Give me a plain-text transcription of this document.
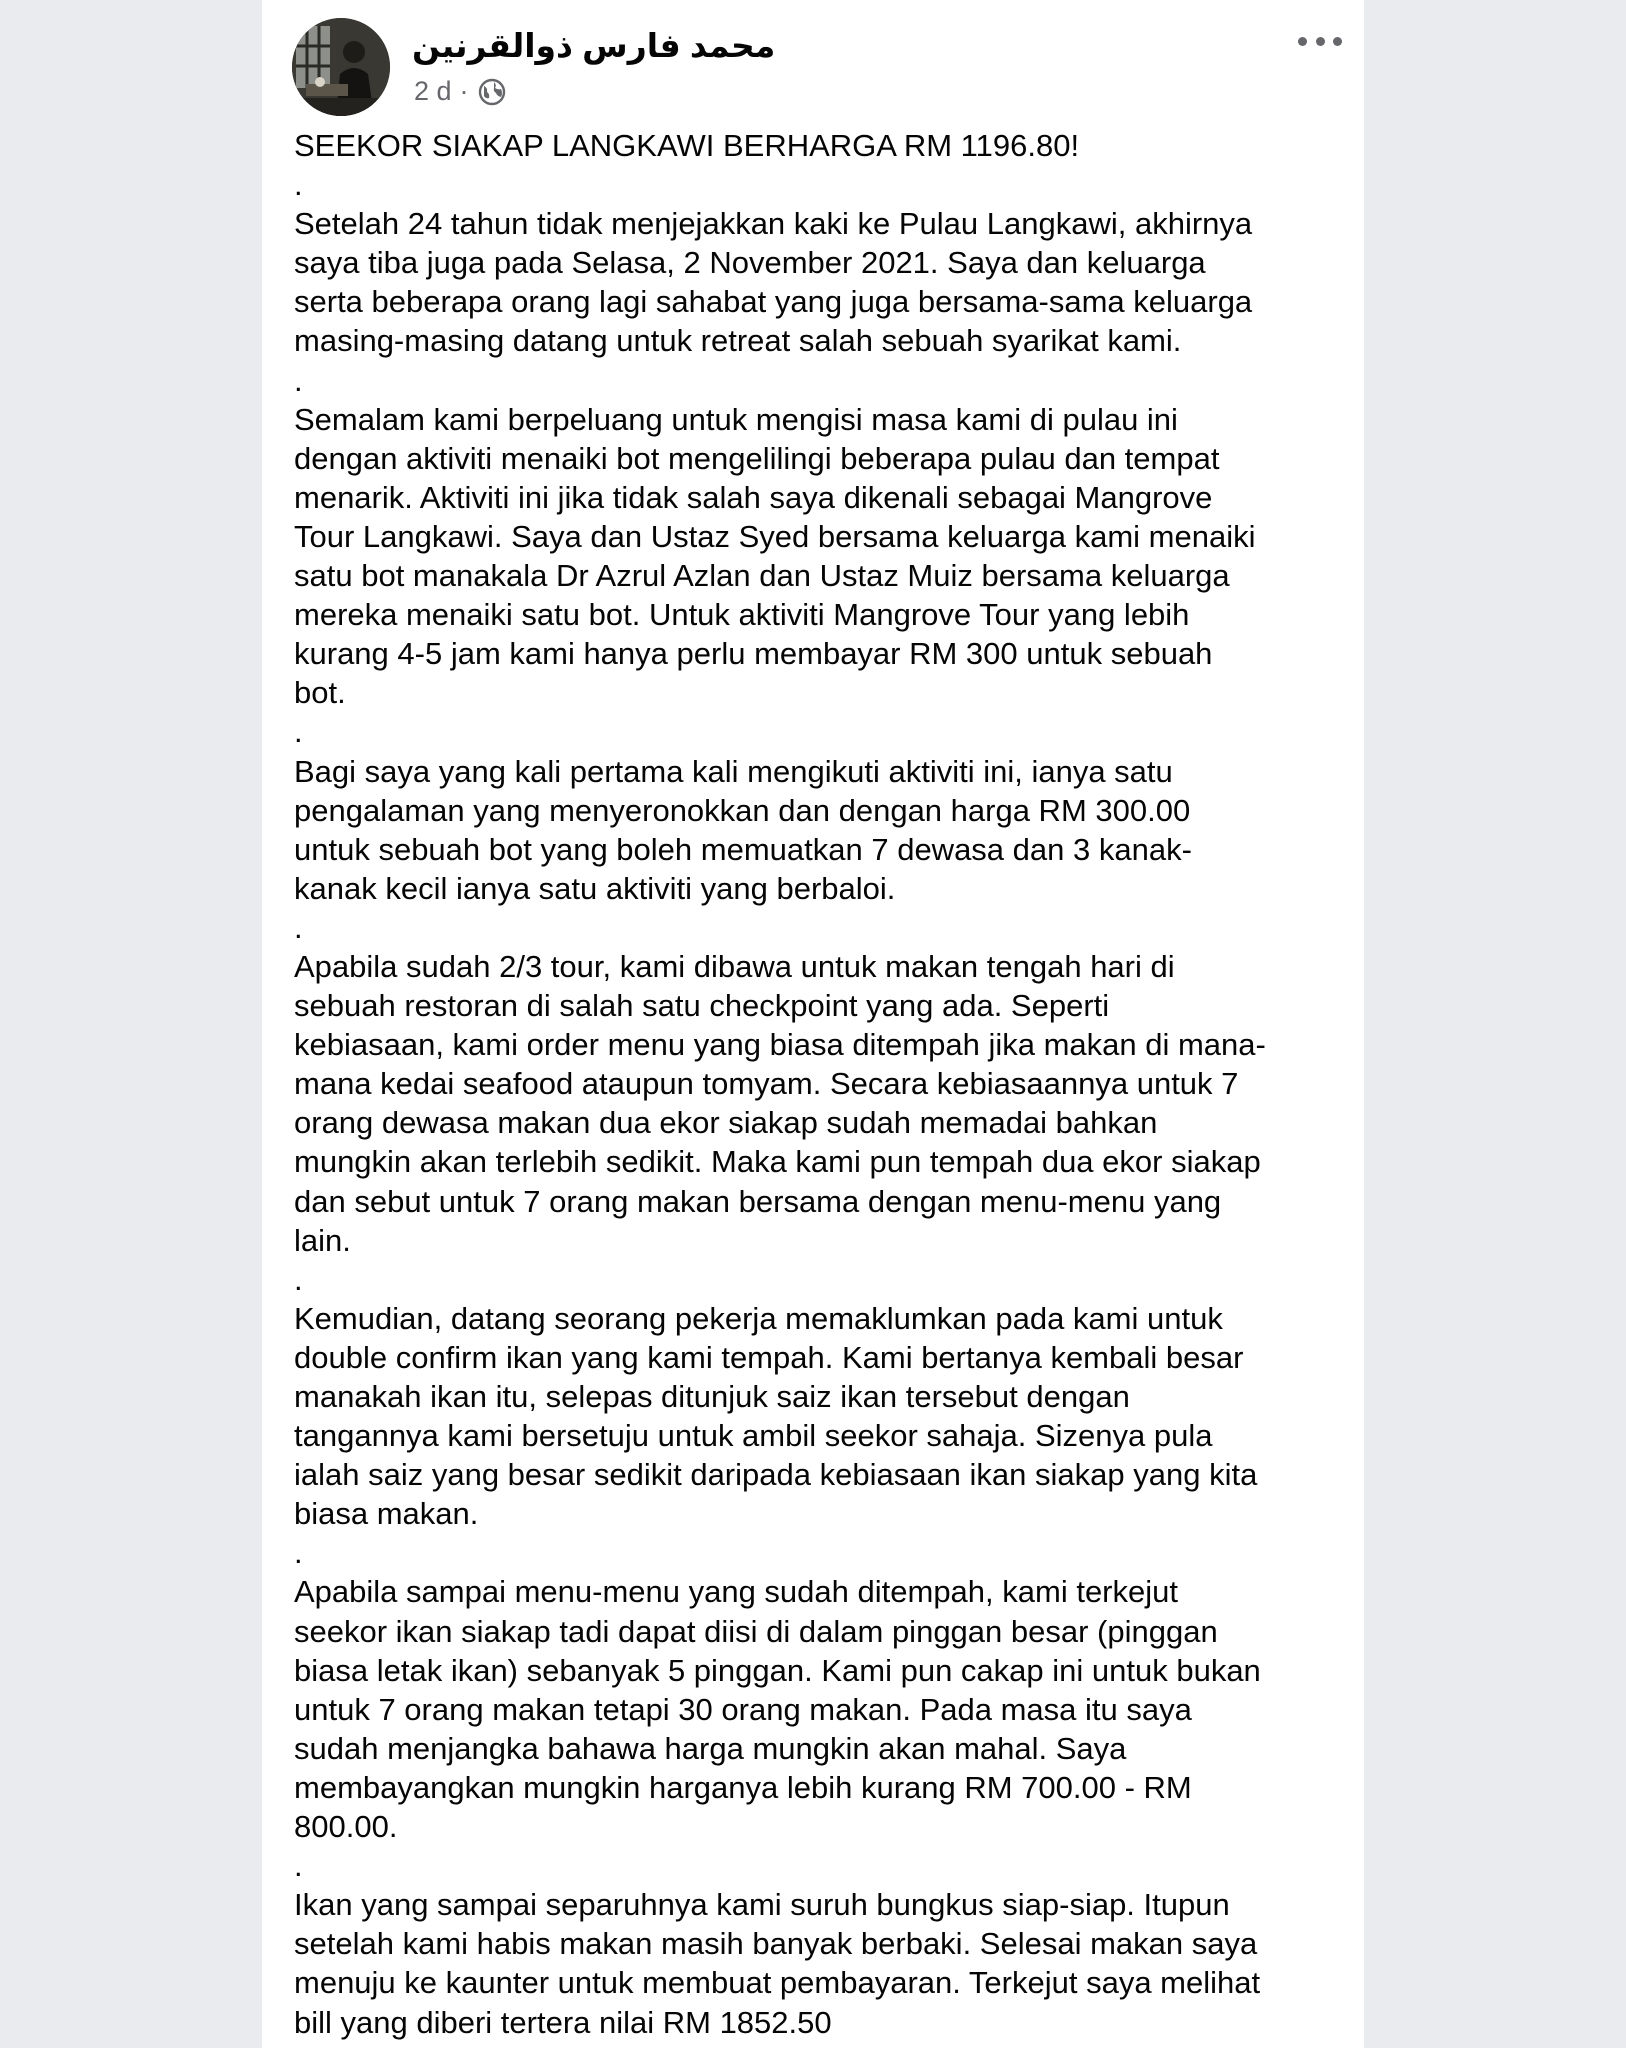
محمد فارس ذوالقرنين
2 d ·

SEEKOR SIAKAP LANGKAWI BERHARGA RM 1196.80!

.

Setelah 24 tahun tidak menjejakkan kaki ke Pulau Langkawi, akhirnya

saya tiba juga pada Selasa, 2 November 2021. Saya dan keluarga

serta beberapa orang lagi sahabat yang juga bersama-sama keluarga

masing-masing datang untuk retreat salah sebuah syarikat kami.

.

Semalam kami berpeluang untuk mengisi masa kami di pulau ini

dengan aktiviti menaiki bot mengelilingi beberapa pulau dan tempat

menarik. Aktiviti ini jika tidak salah saya dikenali sebagai Mangrove

Tour Langkawi. Saya dan Ustaz Syed bersama keluarga kami menaiki

satu bot manakala Dr Azrul Azlan dan Ustaz Muiz bersama keluarga

mereka menaiki satu bot. Untuk aktiviti Mangrove Tour yang lebih

kurang 4-5 jam kami hanya perlu membayar RM 300 untuk sebuah

bot.

.

Bagi saya yang kali pertama kali mengikuti aktiviti ini, ianya satu

pengalaman yang menyeronokkan dan dengan harga RM 300.00

untuk sebuah bot yang boleh memuatkan 7 dewasa dan 3 kanak-

kanak kecil ianya satu aktiviti yang berbaloi.

.

Apabila sudah 2/3 tour, kami dibawa untuk makan tengah hari di

sebuah restoran di salah satu checkpoint yang ada. Seperti

kebiasaan, kami order menu yang biasa ditempah jika makan di mana-

mana kedai seafood ataupun tomyam. Secara kebiasaannya untuk 7

orang dewasa makan dua ekor siakap sudah memadai bahkan

mungkin akan terlebih sedikit. Maka kami pun tempah dua ekor siakap

dan sebut untuk 7 orang makan bersama dengan menu-menu yang

lain.

.

Kemudian, datang seorang pekerja memaklumkan pada kami untuk

double confirm ikan yang kami tempah. Kami bertanya kembali besar

manakah ikan itu, selepas ditunjuk saiz ikan tersebut dengan

tangannya kami bersetuju untuk ambil seekor sahaja. Sizenya pula

ialah saiz yang besar sedikit daripada kebiasaan ikan siakap yang kita

biasa makan.

.

Apabila sampai menu-menu yang sudah ditempah, kami terkejut

seekor ikan siakap tadi dapat diisi di dalam pinggan besar (pinggan

biasa letak ikan) sebanyak 5 pinggan. Kami pun cakap ini untuk bukan

untuk 7 orang makan tetapi 30 orang makan. Pada masa itu saya

sudah menjangka bahawa harga mungkin akan mahal. Saya

membayangkan mungkin harganya lebih kurang RM 700.00 - RM

800.00.

.

Ikan yang sampai separuhnya kami suruh bungkus siap-siap. Itupun

setelah kami habis makan masih banyak berbaki. Selesai makan saya

menuju ke kaunter untuk membuat pembayaran. Terkejut saya melihat

bill yang diberi tertera nilai RM 1852.50
